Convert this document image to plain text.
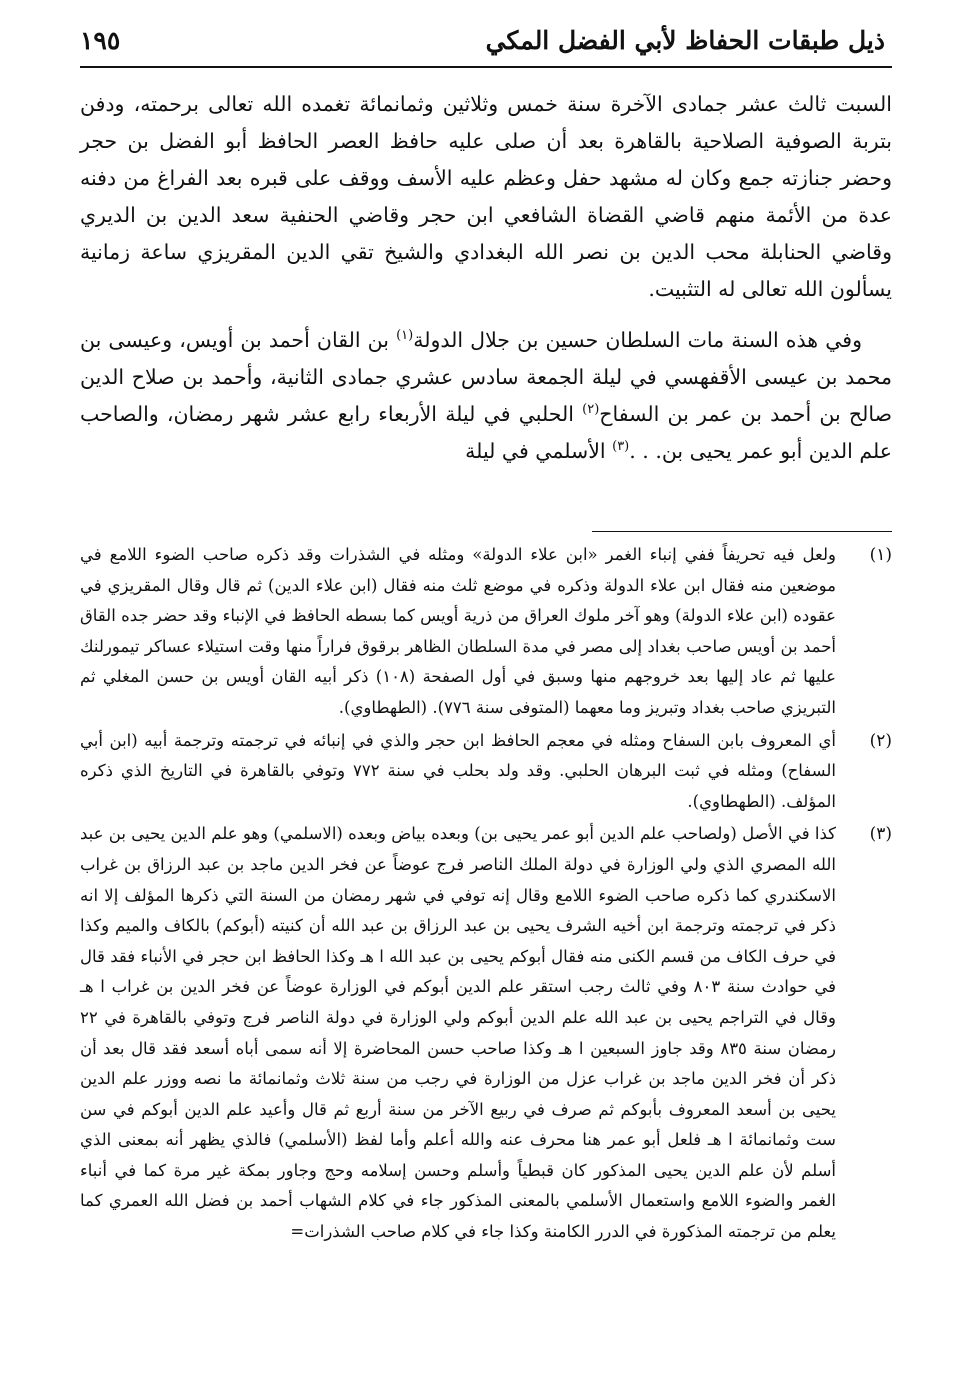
ذيل طبقات الحفاظ لأبي الفضل المكي
١٩٥

السبت ثالث عشر جمادى الآخرة سنة خمس وثلاثين وثمانمائة تغمده الله تعالى برحمته، ودفن بتربة الصوفية الصلاحية بالقاهرة بعد أن صلى عليه حافظ العصر الحافظ أبو الفضل بن حجر وحضر جنازته جمع وكان له مشهد حفل وعظم عليه الأسف ووقف على قبره بعد الفراغ من دفنه عدة من الأئمة منهم قاضي القضاة الشافعي ابن حجر وقاضي الحنفية سعد الدين بن الديري وقاضي الحنابلة محب الدين بن نصر الله البغدادي والشيخ تقي الدين المقريزي ساعة زمانية يسألون الله تعالى له التثبيت.

وفي هذه السنة مات السلطان حسين بن جلال الدولة$^{(١)}$ بن القان أحمد بن أويس، وعيسى بن محمد بن عيسى الأقفهسي في ليلة الجمعة سادس عشري جمادى الثانية، وأحمد بن صلاح الدين صالح بن أحمد بن عمر بن السفاح$^{(٢)}$ الحلبي في ليلة الأربعاء رابع عشر شهر رمضان، والصاحب علم الدين أبو عمر يحيى بن. . .$^{(٣)}$ الأسلمي في ليلة

(١)
ولعل فيه تحريفاً ففي إنباء الغمر «ابن علاء الدولة» ومثله في الشذرات وقد ذكره صاحب الضوء اللامع في موضعين منه فقال ابن علاء الدولة وذكره في موضع ثلث منه فقال (ابن علاء الدين) ثم قال وقال المقريزي في عقوده (ابن علاء الدولة) وهو آخر ملوك العراق من ذرية أويس كما بسطه الحافظ في الإنباء وقد حضر جده القاق أحمد بن أويس صاحب بغداد إلى مصر في مدة السلطان الظاهر برقوق فراراً منها وقت استيلاء عساكر تيمورلنك عليها ثم عاد إليها بعد خروجهم منها وسبق في أول الصفحة (١٠٨) ذكر أبيه القان أويس بن حسن المغلي ثم التبريزي صاحب بغداد وتبريز وما معهما (المتوفى سنة ٧٧٦). (الطهطاوي).
(٢)
أي المعروف بابن السفاح ومثله في معجم الحافظ ابن حجر والذي في إنبائه في ترجمته وترجمة أبيه (ابن أبي السفاح) ومثله في ثبت البرهان الحلبي. وقد ولد بحلب في سنة ٧٧٢ وتوفي بالقاهرة في التاريخ الذي ذكره المؤلف. (الطهطاوي).
(٣)
كذا في الأصل (ولصاحب علم الدين أبو عمر يحيى بن) وبعده بياض وبعده (الاسلمي) وهو علم الدين يحيى بن عبد الله المصري الذي ولي الوزارة في دولة الملك الناصر فرج عوضاً عن فخر الدين ماجد بن عبد الرزاق بن غراب الاسكندري كما ذكره صاحب الضوء اللامع وقال إنه توفي في شهر رمضان من السنة التي ذكرها المؤلف إلا انه ذكر في ترجمته وترجمة ابن أخيه الشرف يحيى بن عبد الرزاق بن عبد الله أن كنيته (أبوكم) بالكاف والميم وكذا في حرف الكاف من قسم الكنى منه فقال أبوكم يحيى بن عبد الله ا هـ وكذا الحافظ ابن حجر في الأنباء فقد قال في حوادث سنة ٨٠٣ وفي ثالث رجب استقر علم الدين أبوكم في الوزارة عوضاً عن فخر الدين بن غراب ا هـ وقال في التراجم يحيى بن عبد الله علم الدين أبوكم ولي الوزارة في دولة الناصر فرج وتوفي بالقاهرة في ٢٢ رمضان سنة ٨٣٥ وقد جاوز السبعين ا هـ وكذا صاحب حسن المحاضرة إلا أنه سمى أباه أسعد فقد قال بعد أن ذكر أن فخر الدين ماجد بن غراب عزل من الوزارة في رجب من سنة ثلاث وثمانمائة ما نصه ووزر علم الدين يحيى بن أسعد المعروف بأبوكم ثم صرف في ربيع الآخر من سنة أربع ثم قال وأعيد علم الدين أبوكم في سن ست وثمانمائة ا هـ فلعل أبو عمر هنا محرف عنه والله أعلم وأما لفظ (الأسلمي) فالذي يظهر أنه بمعنى الذي أسلم لأن علم الدين يحيى المذكور كان قبطياً وأسلم وحسن إسلامه وحج وجاور بمكة غير مرة كما في أنباء الغمر والضوء اللامع واستعمال الأسلمي بالمعنى المذكور جاء في كلام الشهاب أحمد بن فضل الله العمري كما يعلم من ترجمته المذكورة في الدرر الكامنة وكذا جاء في كلام صاحب الشذرات=
